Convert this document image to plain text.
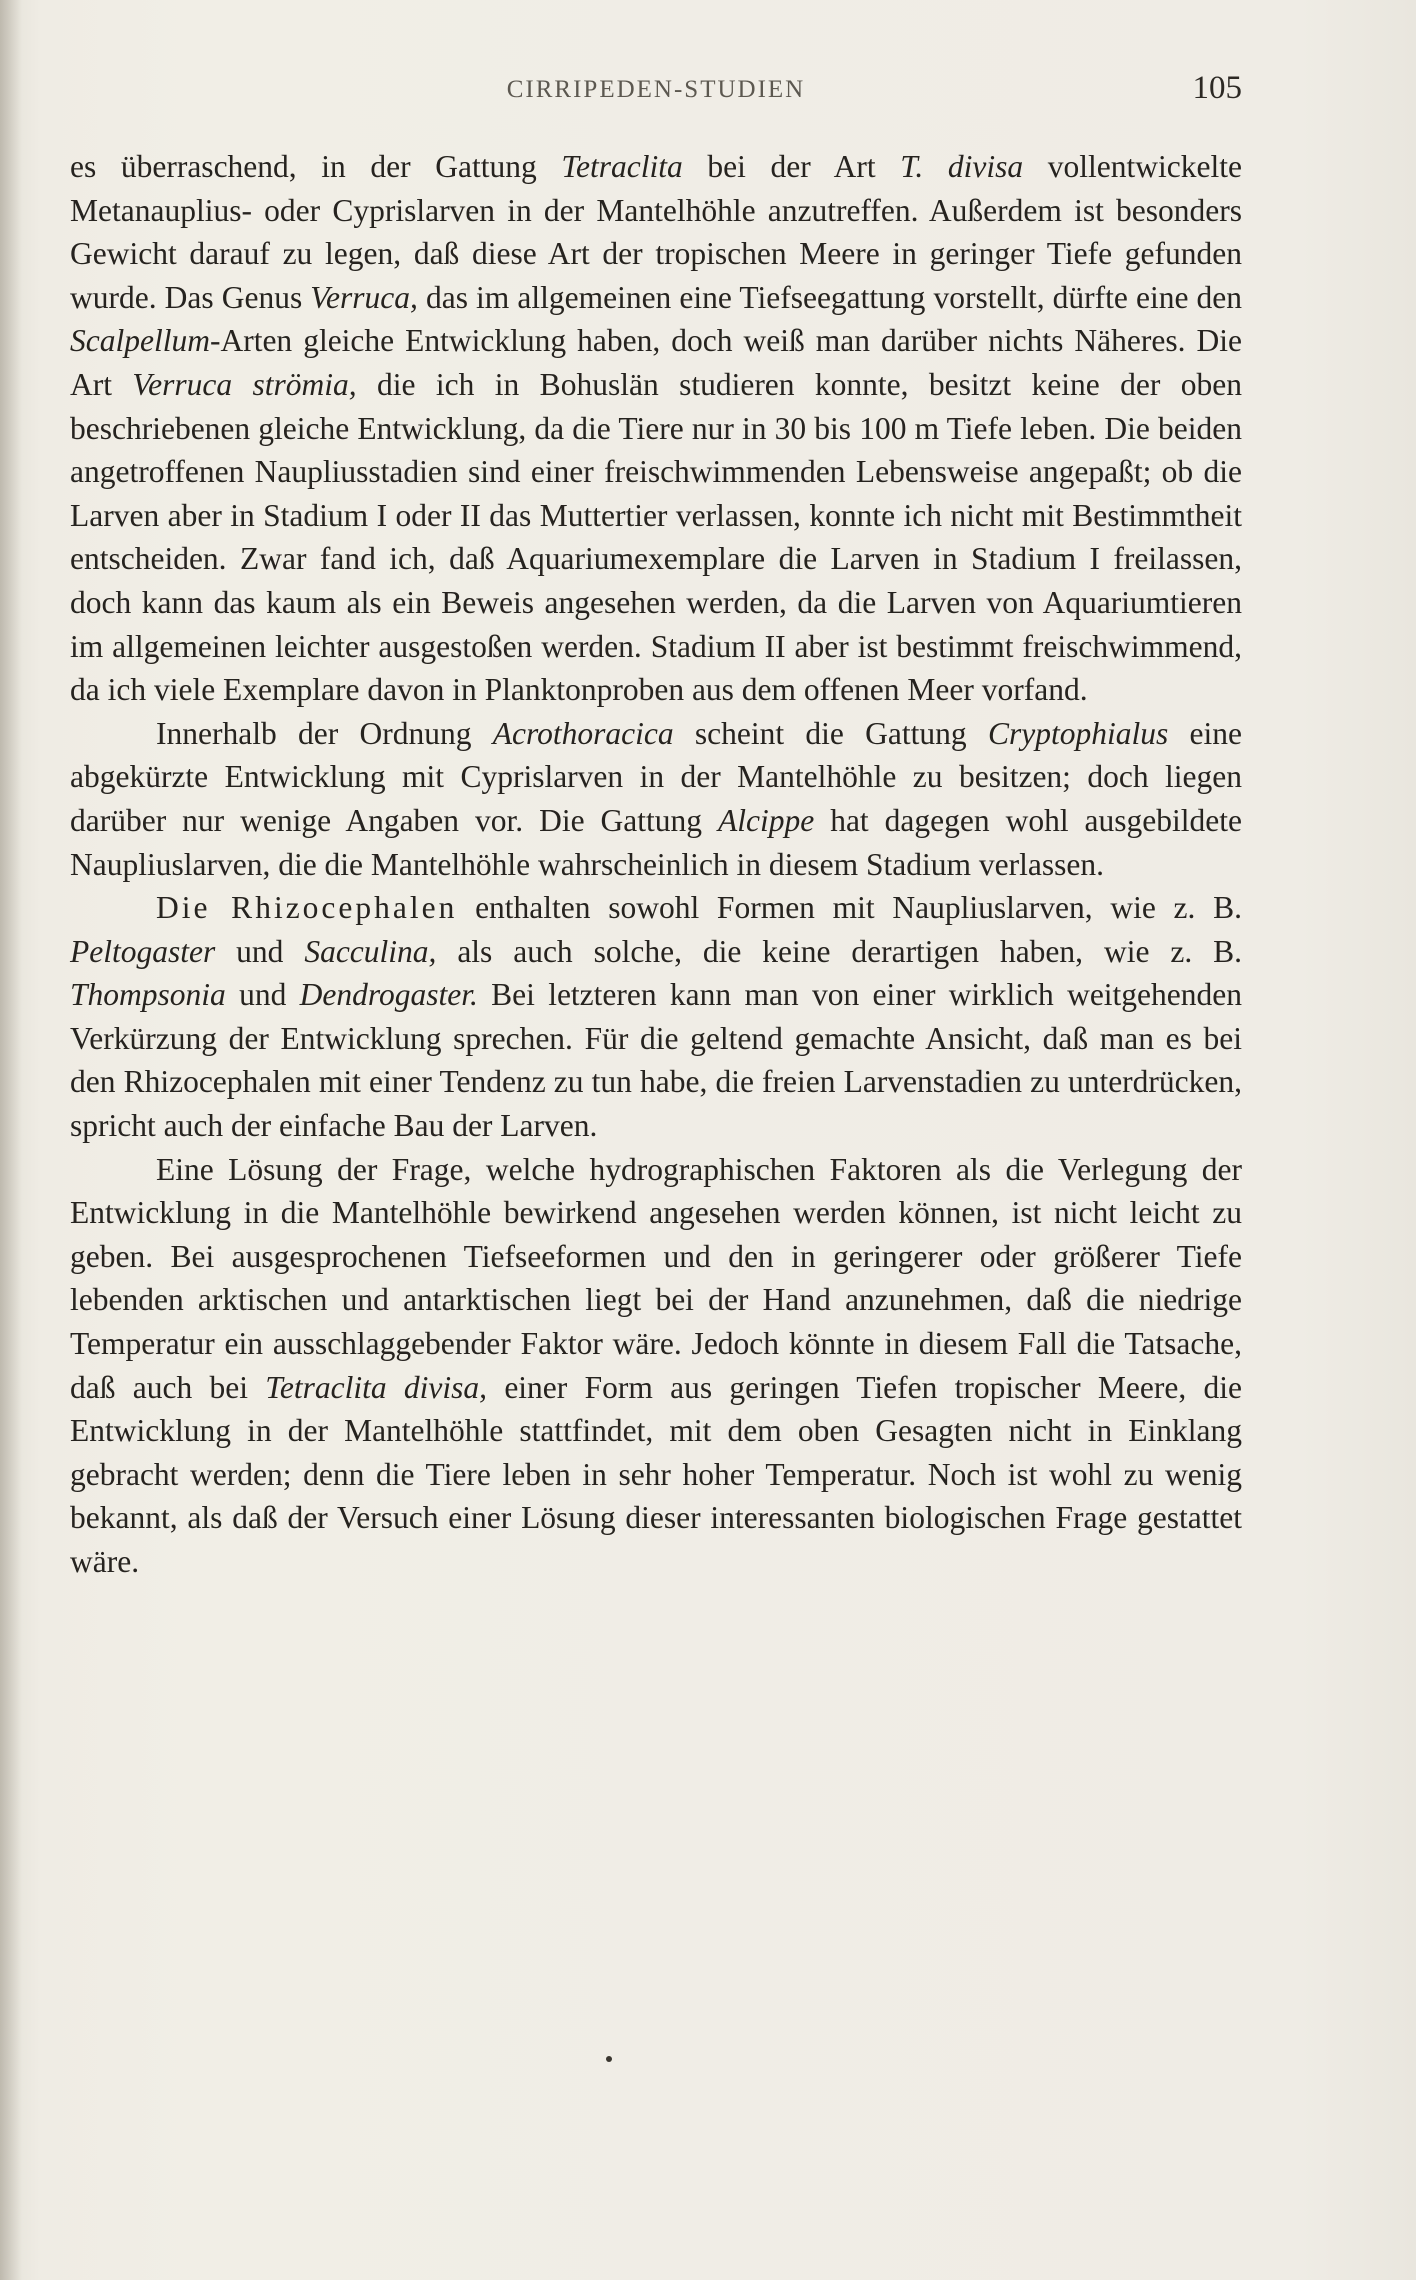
CIRRIPEDEN-STUDIEN	105

es überraschend, in der Gattung Tetraclita bei der Art T. divisa vollentwickelte Metanauplius- oder Cyprislarven in der Mantelhöhle anzutreffen. Außerdem ist besonders Gewicht darauf zu legen, daß diese Art der tropischen Meere in geringer Tiefe gefunden wurde. Das Genus Verruca, das im allgemeinen eine Tiefseegattung vorstellt, dürfte eine den Scalpellum-Arten gleiche Entwicklung haben, doch weiß man darüber nichts Näheres. Die Art Verruca strömia, die ich in Bohuslän studieren konnte, besitzt keine der oben beschriebenen gleiche Entwicklung, da die Tiere nur in 30 bis 100 m Tiefe leben. Die beiden angetroffenen Naupliusstadien sind einer freischwimmenden Lebensweise angepaßt; ob die Larven aber in Stadium I oder II das Muttertier verlassen, konnte ich nicht mit Bestimmtheit entscheiden. Zwar fand ich, daß Aquariumexemplare die Larven in Stadium I freilassen, doch kann das kaum als ein Beweis angesehen werden, da die Larven von Aquariumtieren im allgemeinen leichter ausgestoßen werden. Stadium II aber ist bestimmt freischwimmend, da ich viele Exemplare davon in Planktonproben aus dem offenen Meer vorfand.

Innerhalb der Ordnung Acrothoracica scheint die Gattung Cryptophialus eine abgekürzte Entwicklung mit Cyprislarven in der Mantelhöhle zu besitzen; doch liegen darüber nur wenige Angaben vor. Die Gattung Alcippe hat dagegen wohl ausgebildete Naupliuslarven, die die Mantelhöhle wahrscheinlich in diesem Stadium verlassen.

Die Rhizocephalen enthalten sowohl Formen mit Naupliuslarven, wie z. B. Peltogaster und Sacculina, als auch solche, die keine derartigen haben, wie z. B. Thompsonia und Dendrogaster. Bei letzteren kann man von einer wirklich weitgehenden Verkürzung der Entwicklung sprechen. Für die geltend gemachte Ansicht, daß man es bei den Rhizocephalen mit einer Tendenz zu tun habe, die freien Larvenstadien zu unterdrücken, spricht auch der einfache Bau der Larven.

Eine Lösung der Frage, welche hydrographischen Faktoren als die Verlegung der Entwicklung in die Mantelhöhle bewirkend angesehen werden können, ist nicht leicht zu geben. Bei ausgesprochenen Tiefseeformen und den in geringerer oder größerer Tiefe lebenden arktischen und antarktischen liegt bei der Hand anzunehmen, daß die niedrige Temperatur ein ausschlaggebender Faktor wäre. Jedoch könnte in diesem Fall die Tatsache, daß auch bei Tetraclita divisa, einer Form aus geringen Tiefen tropischer Meere, die Entwicklung in der Mantelhöhle stattfindet, mit dem oben Gesagten nicht in Einklang gebracht werden; denn die Tiere leben in sehr hoher Temperatur. Noch ist wohl zu wenig bekannt, als daß der Versuch einer Lösung dieser interessanten biologischen Frage gestattet wäre.
